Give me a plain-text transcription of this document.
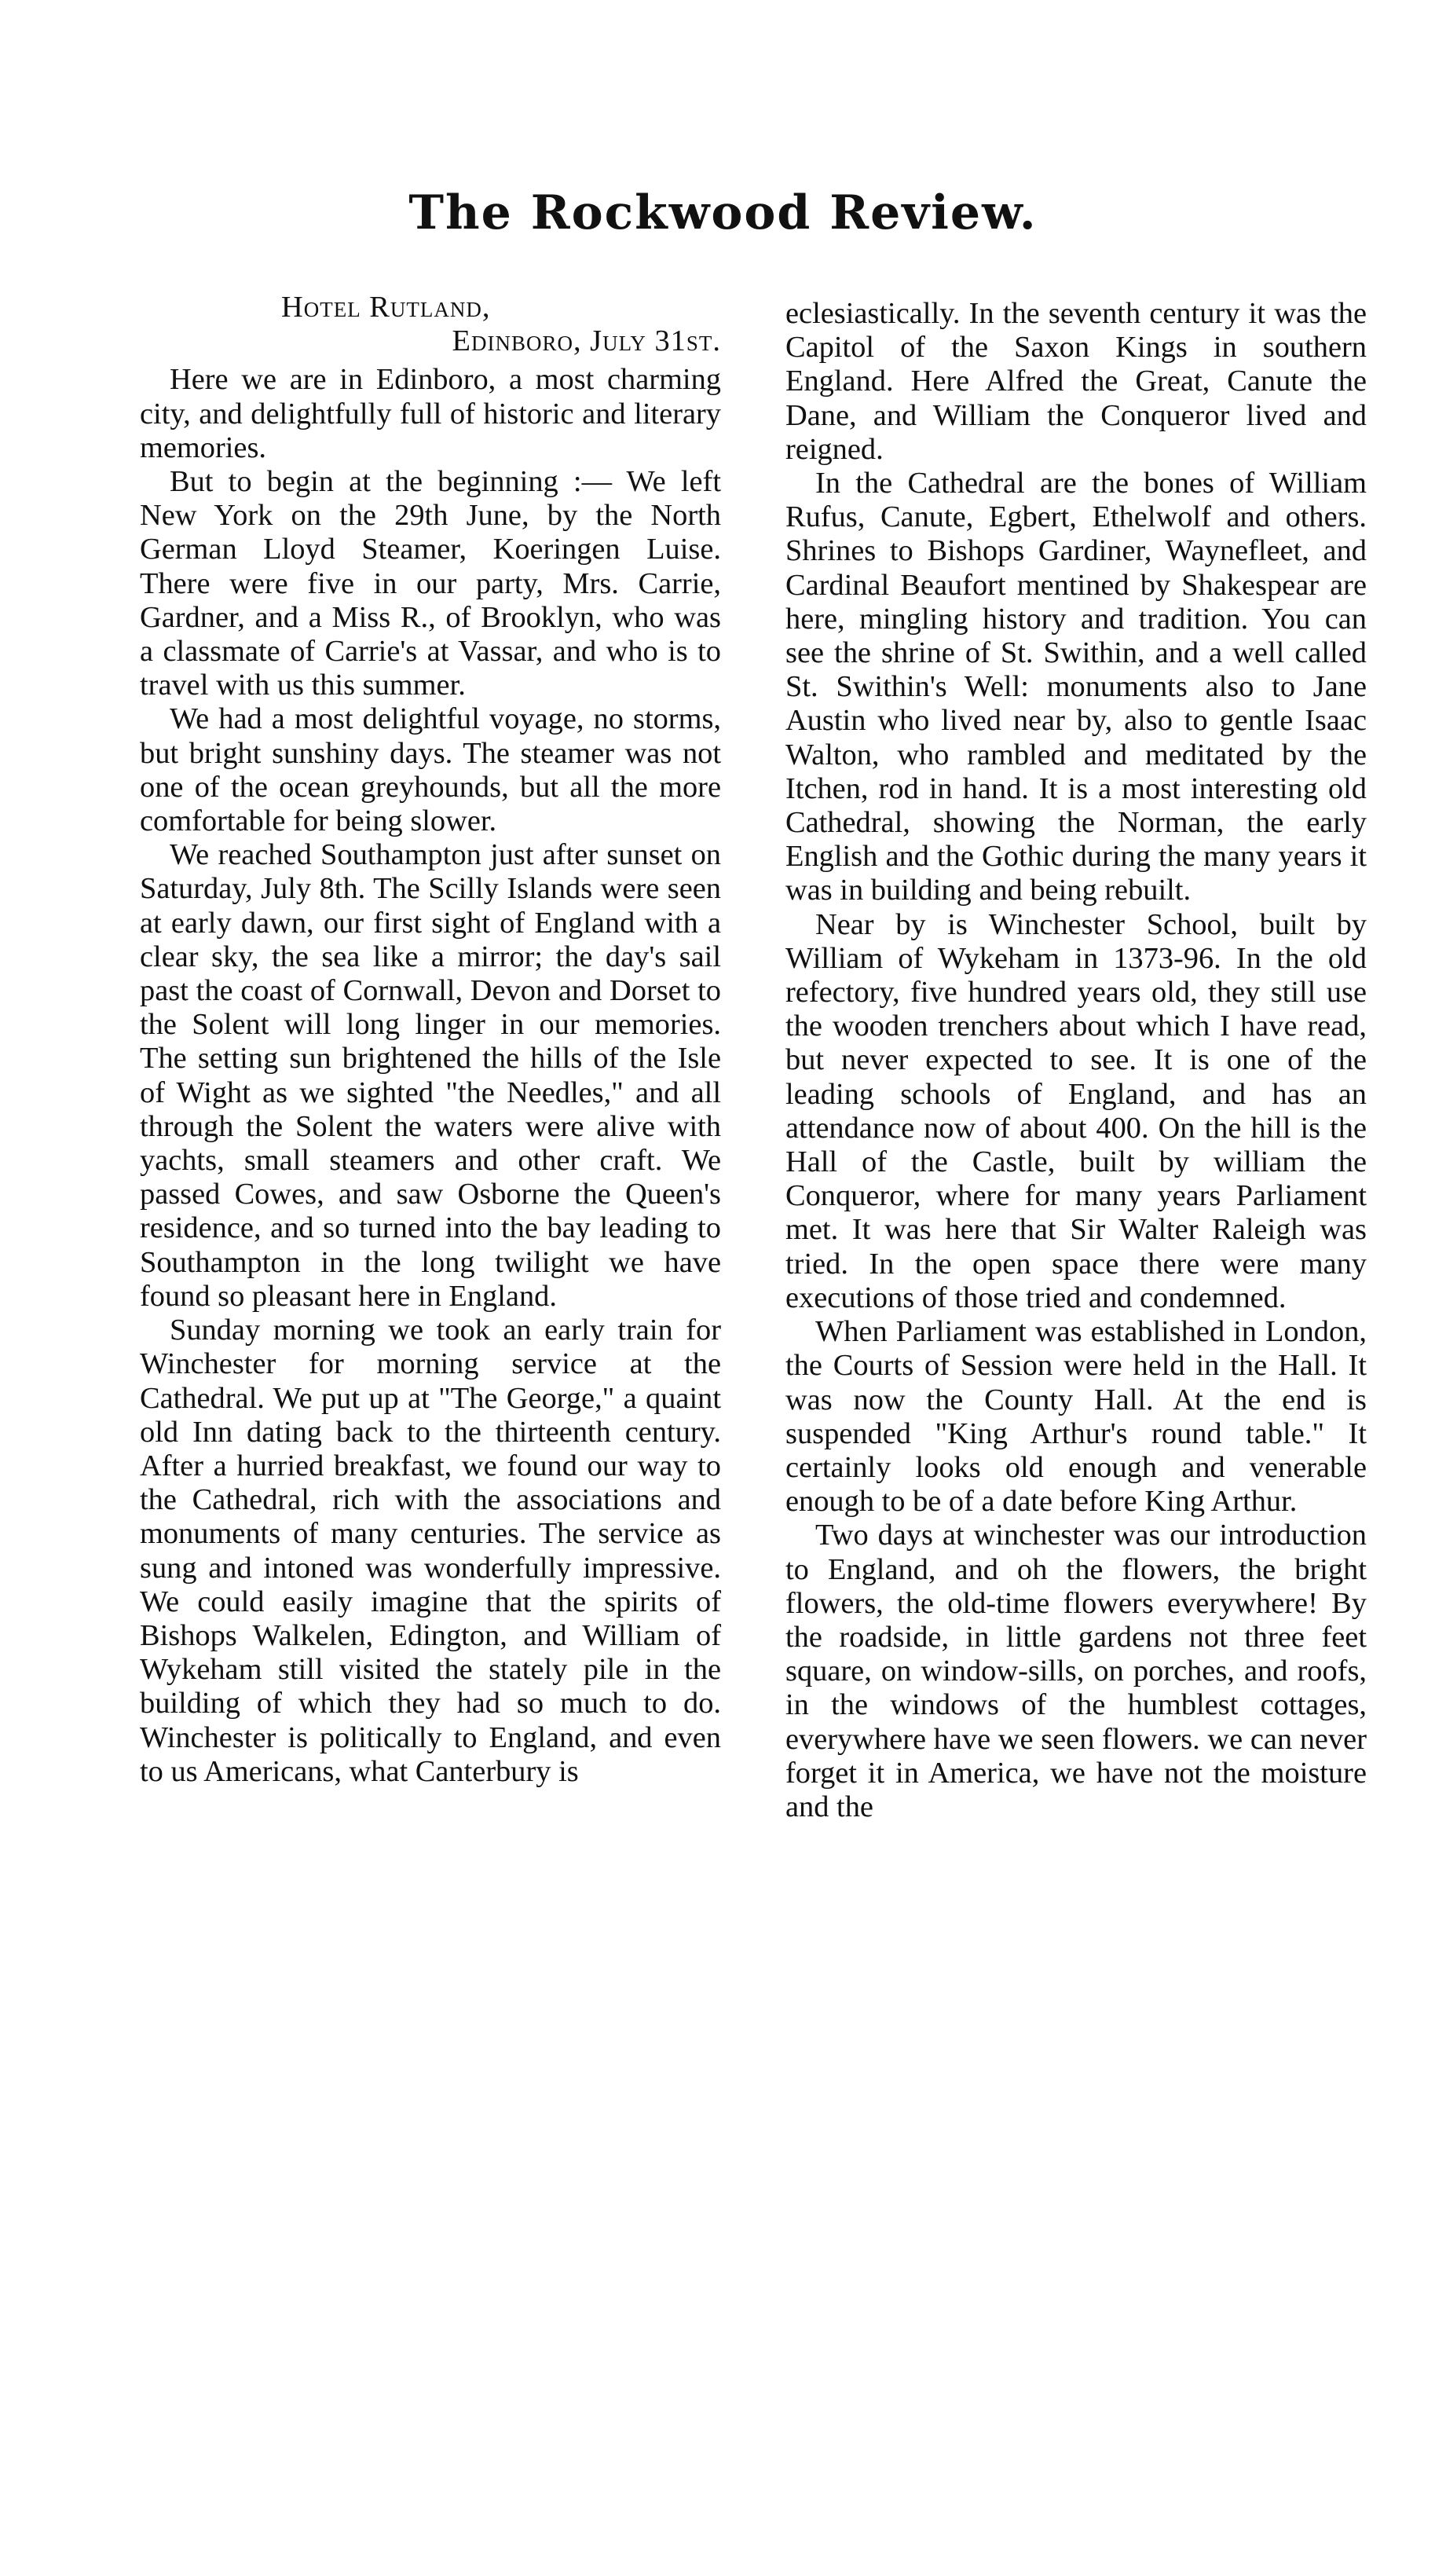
The Rockwood Review.
Hotel Rutland,
Edinboro, July 31st.

Here we are in Edinboro, a most charming city, and delightfully full of historic and literary memories.

But to begin at the beginning :— We left New York on the 29th June, by the North German Lloyd Steamer, Koeringen Luise. There were five in our party, Mrs. Carrie, Gardner, and a Miss R., of Brooklyn, who was a classmate of Carrie's at Vassar, and who is to travel with us this summer.

We had a most delightful voyage, no storms, but bright sunshiny days. The steamer was not one of the ocean greyhounds, but all the more comfortable for being slower.

We reached Southampton just after sunset on Saturday, July 8th. The Scilly Islands were seen at early dawn, our first sight of England with a clear sky, the sea like a mirror; the day's sail past the coast of Cornwall, Devon and Dorset to the Solent will long linger in our memories. The setting sun brightened the hills of the Isle of Wight as we sighted "the Needles," and all through the Solent the waters were alive with yachts, small steamers and other craft. We passed Cowes, and saw Osborne the Queen's residence, and so turned into the bay leading to Southampton in the long twilight we have found so pleasant here in England.

Sunday morning we took an early train for Winchester for morning service at the Cathedral. We put up at "The George," a quaint old Inn dating back to the thirteenth century. After a hurried breakfast, we found our way to the Cathedral, rich with the associations and monuments of many centuries. The service as sung and intoned was wonderfully impressive. We could easily imagine that the spirits of Bishops Walkelen, Edington, and William of Wykeham still visited the stately pile in the building of which they had so much to do. Winchester is politically to England, and even to us Americans, what Canterbury is

eclesiastically. In the seventh century it was the Capitol of the Saxon Kings in southern England. Here Alfred the Great, Canute the Dane, and William the Conqueror lived and reigned.

In the Cathedral are the bones of William Rufus, Canute, Egbert, Ethelwolf and others. Shrines to Bishops Gardiner, Waynefleet, and Cardinal Beaufort mentined by Shakespear are here, mingling history and tradition. You can see the shrine of St. Swithin, and a well called St. Swithin's Well: monuments also to Jane Austin who lived near by, also to gentle Isaac Walton, who rambled and meditated by the Itchen, rod in hand. It is a most interesting old Cathedral, showing the Norman, the early English and the Gothic during the many years it was in building and being rebuilt.

Near by is Winchester School, built by William of Wykeham in 1373-96. In the old refectory, five hundred years old, they still use the wooden trenchers about which I have read, but never expected to see. It is one of the leading schools of England, and has an attendance now of about 400. On the hill is the Hall of the Castle, built by william the Conqueror, where for many years Parliament met. It was here that Sir Walter Raleigh was tried. In the open space there were many executions of those tried and condemned.

When Parliament was established in London, the Courts of Session were held in the Hall. It was now the County Hall. At the end is suspended "King Arthur's round table." It certainly looks old enough and venerable enough to be of a date before King Arthur.

Two days at winchester was our introduction to England, and oh the flowers, the bright flowers, the old-time flowers everywhere! By the roadside, in little gardens not three feet square, on window-sills, on porches, and roofs, in the windows of the humblest cottages, everywhere have we seen flowers. we can never forget it in America, we have not the moisture and the
